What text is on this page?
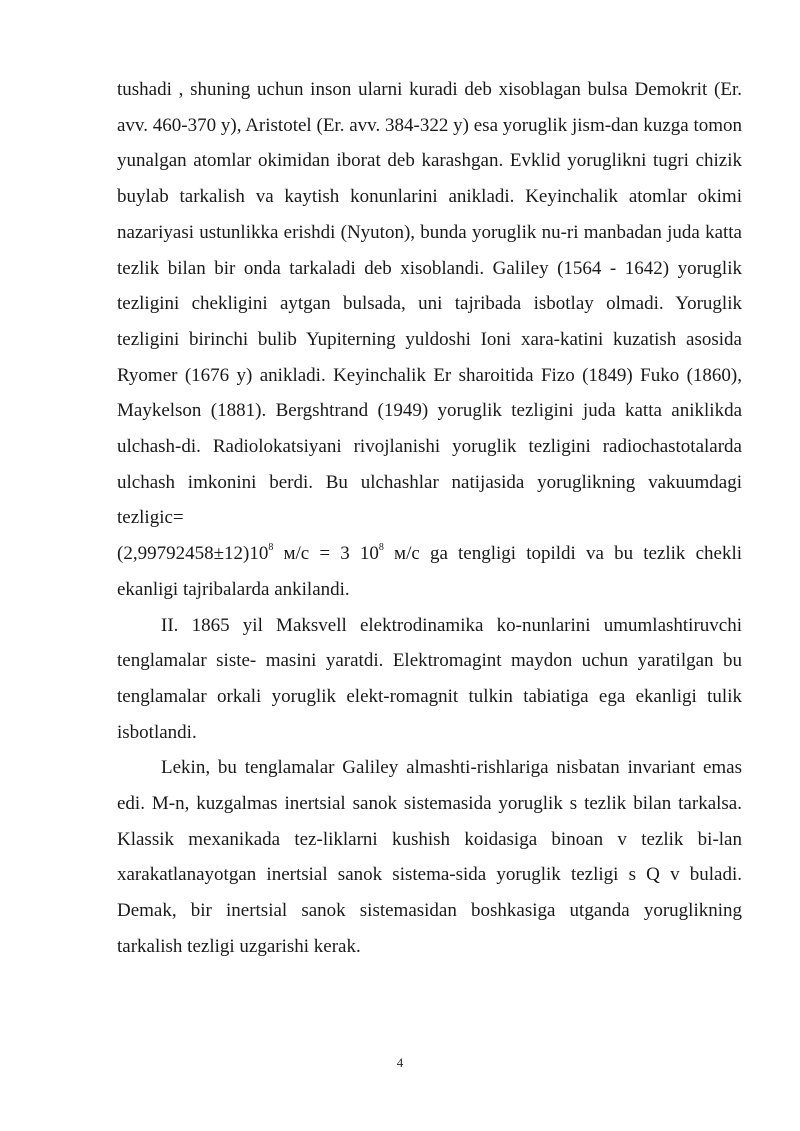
tushadi , shuning uchun inson ularni kuradi deb xisoblagan bulsa Demokrit (Er. avv. 460-370 y), Aristotel (Er. avv. 384-322 y) esa yoruglik jism-dan kuzga tomon yunalgan atomlar okimidan iborat deb karashgan. Evklid yoruglikni tugri chizik buylab tarkalish va kaytish konunlarini anikladi. Keyinchalik atomlar okimi nazariyasi ustunlikka erishdi (Nyuton), bunda yoruglik nu-ri manbadan juda katta tezlik bilan bir onda tarkaladi deb xisoblandi. Galiley (1564 - 1642) yoruglik tezligini chekligini aytgan bulsada, uni tajribada isbotlay olmadi. Yoruglik tezligini birinchi bulib Yupiterning yuldoshi Ioni xara-katini kuzatish asosida Ryomer (1676 y) anikladi. Keyinchalik Er sharoitida Fizo (1849) Fuko (1860), Maykelson (1881). Bergshtrand (1949) yoruglik tezligini juda katta aniklikda ulchash-di. Radiolokatsiyani rivojlanishi yoruglik tezligini radiochastotalarda ulchash imkonini berdi. Bu ulchashlar natijasida yoruglikning vakuumdagi tezligic=
$(2,99792458\pm 12)10^8$ м/с = 3 $10^8$ м/с ga tengligi topildi va bu tezlik chekli ekanligi tajribalarda ankilandi.

II. 1865 yil Maksvell elektrodinamika ko-nunlarini umumlashtiruvchi tenglamalar siste- masini yaratdi. Elektromagint maydon uchun yaratilgan bu tenglamalar orkali yoruglik elekt-romagnit tulkin tabiatiga ega ekanligi tulik isbotlandi.

Lekin, bu tenglamalar Galiley almashti-rishlariga nisbatan invariant emas edi. M-n, kuzgalmas inertsial sanok sistemasida yoruglik s tezlik bilan tarkalsa. Klassik mexanikada tez-liklarni kushish koidasiga binoan v tezlik bi-lan xarakatlanayotgan inertsial sanok sistema-sida yoruglik tezligi s Q v buladi. Demak, bir inertsial sanok sistemasidan boshkasiga utganda yoruglikning tarkalish tezligi uzgarishi kerak.

4
